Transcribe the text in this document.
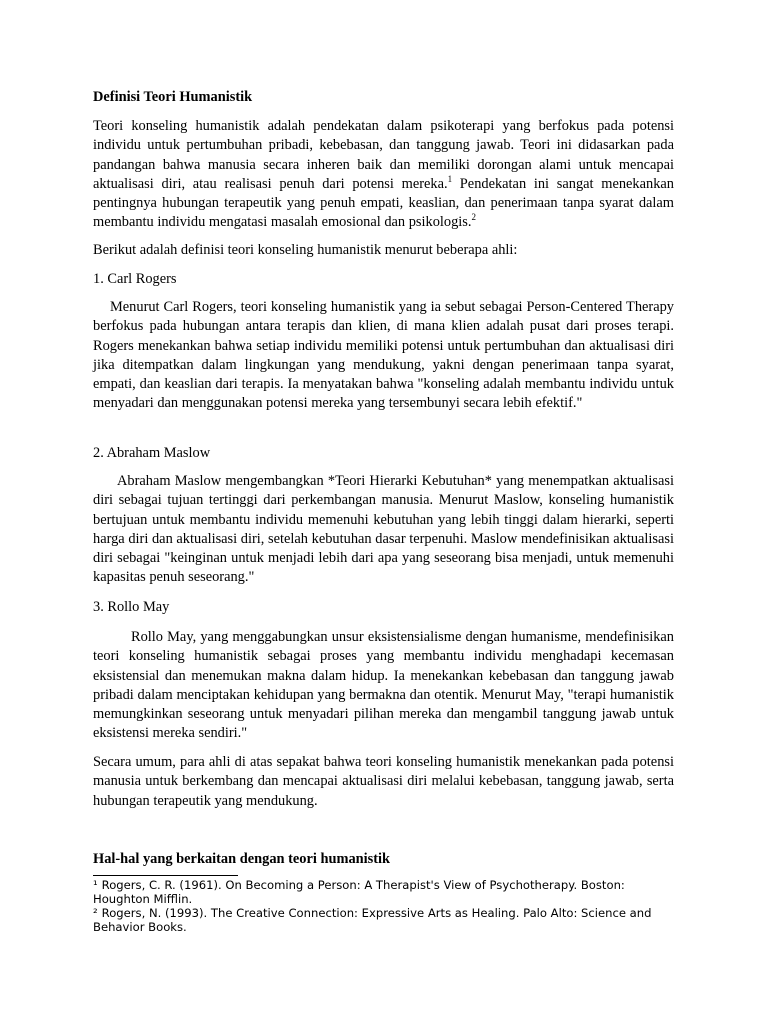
Definisi Teori Humanistik

Teori konseling humanistik adalah pendekatan dalam psikoterapi yang berfokus pada potensi individu untuk pertumbuhan pribadi, kebebasan, dan tanggung jawab. Teori ini didasarkan pada pandangan bahwa manusia secara inheren baik dan memiliki dorongan alami untuk mencapai aktualisasi diri, atau realisasi penuh dari potensi mereka.$^1$ Pendekatan ini sangat menekankan pentingnya hubungan terapeutik yang penuh empati, keaslian, dan penerimaan tanpa syarat dalam membantu individu mengatasi masalah emosional dan psikologis.$^2$

Berikut adalah definisi teori konseling humanistik menurut beberapa ahli:

1. Carl Rogers

Menurut Carl Rogers, teori konseling humanistik yang ia sebut sebagai Person-Centered Therapy berfokus pada hubungan antara terapis dan klien, di mana klien adalah pusat dari proses terapi. Rogers menekankan bahwa setiap individu memiliki potensi untuk pertumbuhan dan aktualisasi diri jika ditempatkan dalam lingkungan yang mendukung, yakni dengan penerimaan tanpa syarat, empati, dan keaslian dari terapis. Ia menyatakan bahwa "konseling adalah membantu individu untuk menyadari dan menggunakan potensi mereka yang tersembunyi secara lebih efektif."

2. Abraham Maslow

Abraham Maslow mengembangkan *Teori Hierarki Kebutuhan* yang menempatkan aktualisasi diri sebagai tujuan tertinggi dari perkembangan manusia. Menurut Maslow, konseling humanistik bertujuan untuk membantu individu memenuhi kebutuhan yang lebih tinggi dalam hierarki, seperti harga diri dan aktualisasi diri, setelah kebutuhan dasar terpenuhi. Maslow mendefinisikan aktualisasi diri sebagai "keinginan untuk menjadi lebih dari apa yang seseorang bisa menjadi, untuk memenuhi kapasitas penuh seseorang."

3. Rollo May

Rollo May, yang menggabungkan unsur eksistensialisme dengan humanisme, mendefinisikan teori konseling humanistik sebagai proses yang membantu individu menghadapi kecemasan eksistensial dan menemukan makna dalam hidup. Ia menekankan kebebasan dan tanggung jawab pribadi dalam menciptakan kehidupan yang bermakna dan otentik. Menurut May, "terapi humanistik memungkinkan seseorang untuk menyadari pilihan mereka dan mengambil tanggung jawab untuk eksistensi mereka sendiri."

Secara umum, para ahli di atas sepakat bahwa teori konseling humanistik menekankan pada potensi manusia untuk berkembang dan mencapai aktualisasi diri melalui kebebasan, tanggung jawab, serta hubungan terapeutik yang mendukung.

Hal-hal yang berkaitan dengan teori humanistik

¹ Rogers, C. R. (1961). On Becoming a Person: A Therapist's View of Psychotherapy. Boston: Houghton Mifflin.

² Rogers, N. (1993). The Creative Connection: Expressive Arts as Healing. Palo Alto: Science and Behavior Books.
